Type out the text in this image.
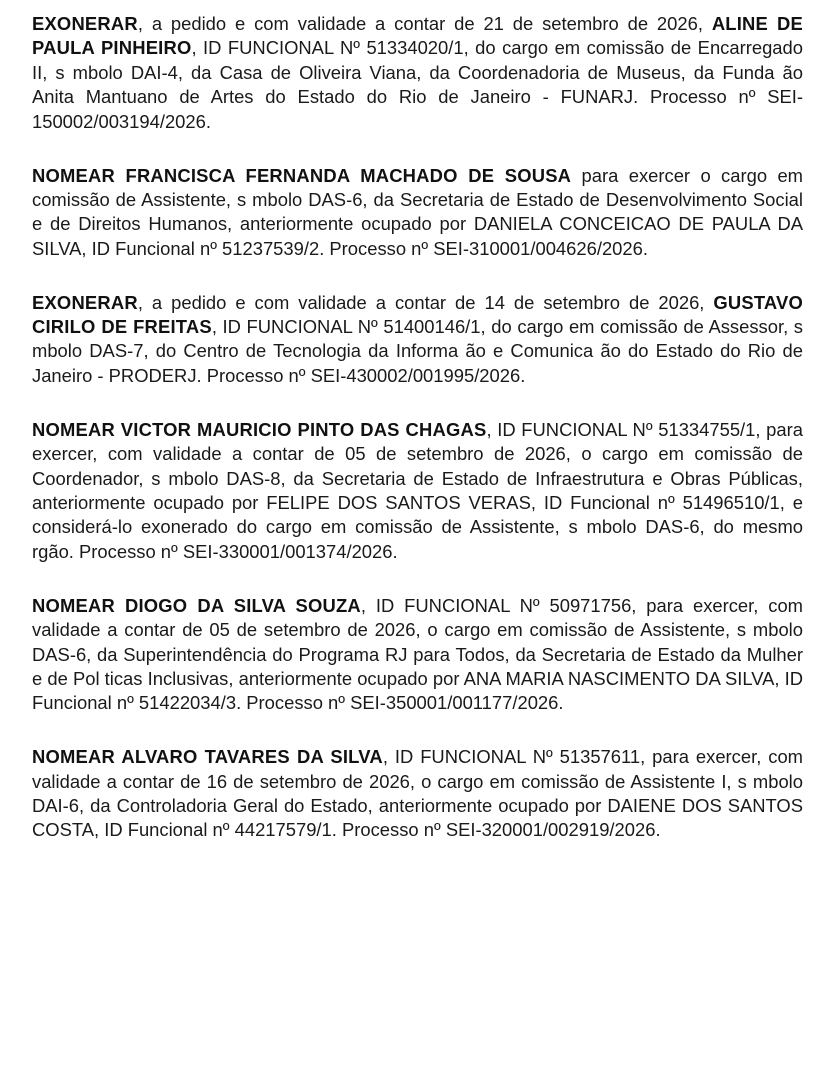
EXONERAR, a pedido e com validade a contar de 21 de setembro de 2026, ALINE DE PAULA PINHEIRO, ID FUNCIONAL Nº 51334020/1, do cargo em comissão de Encarregado II, s mbolo DAI-4, da Casa de Oliveira Viana, da Coordenadoria de Museus, da Funda ão Anita Mantuano de Artes do Estado do Rio de Janeiro - FUNARJ. Processo nº SEI-150002/003194/2026.

NOMEAR FRANCISCA FERNANDA MACHADO DE SOUSA para exercer o cargo em comissão de Assistente, s mbolo DAS-6, da Secretaria de Estado de Desenvolvimento Social e de Direitos Humanos, anteriormente ocupado por DANIELA CONCEICAO DE PAULA DA SILVA, ID Funcional nº 51237539/2. Processo nº SEI-310001/004626/2026.

EXONERAR, a pedido e com validade a contar de 14 de setembro de 2026, GUSTAVO CIRILO DE FREITAS, ID FUNCIONAL Nº 51400146/1, do cargo em comissão de Assessor, s mbolo DAS-7, do Centro de Tecnologia da Informa ão e Comunica ão do Estado do Rio de Janeiro - PRODERJ. Processo nº SEI-430002/001995/2026.

NOMEAR VICTOR MAURICIO PINTO DAS CHAGAS, ID FUNCIONAL Nº 51334755/1, para exercer, com validade a contar de 05 de setembro de 2026, o cargo em comissão de Coordenador, s mbolo DAS-8, da Secretaria de Estado de Infraestrutura e Obras Públicas, anteriormente ocupado por FELIPE DOS SANTOS VERAS, ID Funcional nº 51496510/1, e considerá-lo exonerado do cargo em comissão de Assistente, s mbolo DAS-6, do mesmo rgão. Processo nº SEI-330001/001374/2026.

NOMEAR DIOGO DA SILVA SOUZA, ID FUNCIONAL Nº 50971756, para exercer, com validade a contar de 05 de setembro de 2026, o cargo em comissão de Assistente, s mbolo DAS-6, da Superintendência do Programa RJ para Todos, da Secretaria de Estado da Mulher e de Pol ticas Inclusivas, anteriormente ocupado por ANA MARIA NASCIMENTO DA SILVA, ID Funcional nº 51422034/3. Processo nº SEI-350001/001177/2026.

NOMEAR ALVARO TAVARES DA SILVA, ID FUNCIONAL Nº 51357611, para exercer, com validade a contar de 16 de setembro de 2026, o cargo em comissão de Assistente I, s mbolo DAI-6, da Controladoria Geral do Estado, anteriormente ocupado por DAIENE DOS SANTOS COSTA, ID Funcional nº 44217579/1. Processo nº SEI-320001/002919/2026.
